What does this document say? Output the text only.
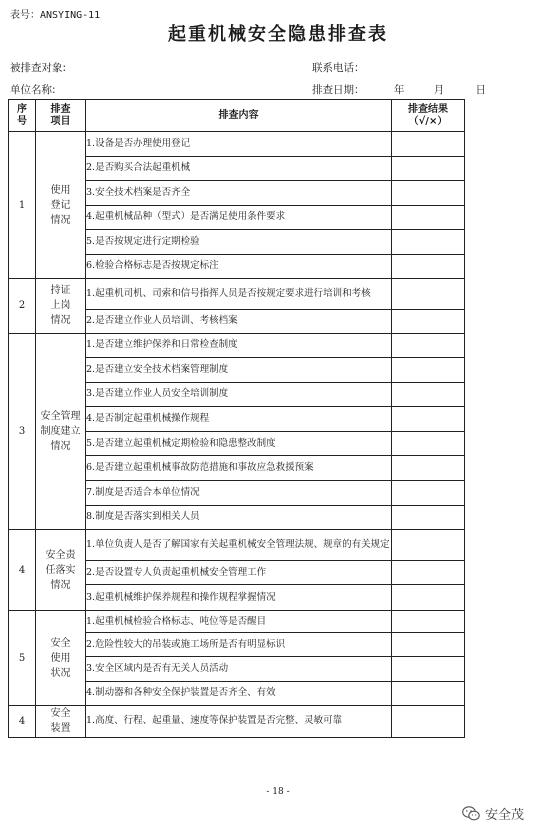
表号：ANSYING-11
起重机械安全隐患排查表
被排查对象:	联系电话：
单位名称:	排查日期：	年	月	日
序号	排查项目	排查内容	排查结果（√/×）

1	使用登记情况	1.设备是否办理使用登记	
		2.是否购买合法起重机械	
		3.安全技术档案是否齐全	
		4.起重机械品种（型式）是否满足使用条件要求	
		5.是否按规定进行定期检验	
		6.检验合格标志是否按规定标注	
2	持证上岗情况	1.起重机司机、司索和信号指挥人员是否按规定要求进行培训和考核	
		2.是否建立作业人员培训、考核档案	
3	安全管理制度建立情况	1.是否建立维护保养和日常检查制度	
		2.是否建立安全技术档案管理制度	
		3.是否建立作业人员安全培训制度	
		4.是否制定起重机械操作规程	
		5.是否建立起重机械定期检验和隐患整改制度	
		6.是否建立起重机械事故防范措施和事故应急救援预案	
		7.制度是否适合本单位情况	
		8.制度是否落实到相关人员	
4	安全责任落实情况	1.单位负责人是否了解国家有关起重机械安全管理法规、规章的有关规定	
		2.是否设置专人负责起重机械安全管理工作	
		3.起重机械维护保养规程和操作规程掌握情况	
5	安全使用状况	1.起重机械检验合格标志、吨位等是否醒目	
		2.危险性较大的吊装或施工场所是否有明显标识	
		3.安全区域内是否有无关人员活动	
		4.制动器和各种安全保护装置是否齐全、有效	
4	安全装置	1.高度、行程、起重量、速度等保护装置是否完整、灵敏可靠	
- 18 -
安全茂
